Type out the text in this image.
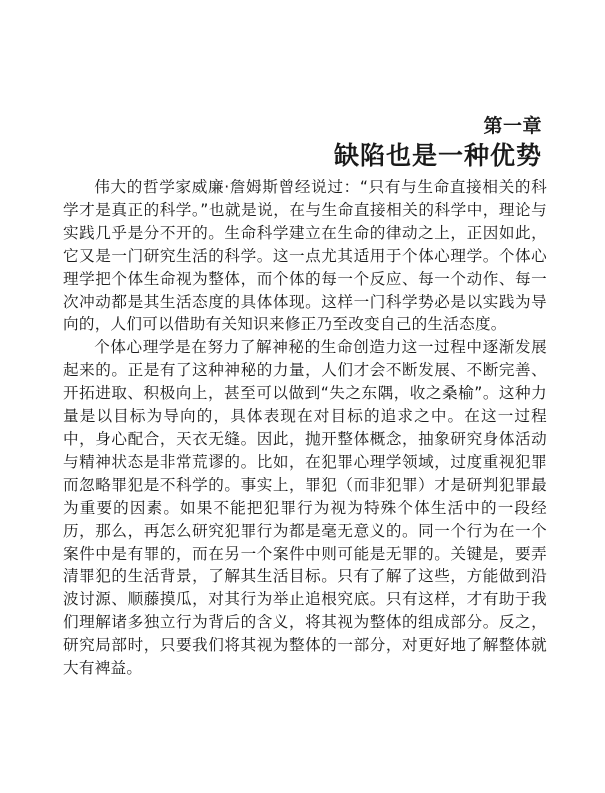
第一章
缺陷也是一种优势

伟大的哲学家威廉·詹姆斯曾经说过：“只有与生命直接相关的科学才是真正的科学。”也就是说，在与生命直接相关的科学中，理论与实践几乎是分不开的。生命科学建立在生命的律动之上，正因如此，它又是一门研究生活的科学。这一点尤其适用于个体心理学。个体心理学把个体生命视为整体，而个体的每一个反应、每一个动作、每一次冲动都是其生活态度的具体体现。这样一门科学势必是以实践为导向的，人们可以借助有关知识来修正乃至改变自己的生活态度。

个体心理学是在努力了解神秘的生命创造力这一过程中逐渐发展起来的。正是有了这种神秘的力量，人们才会不断发展、不断完善、开拓进取、积极向上，甚至可以做到“失之东隅，收之桑榆”。这种力量是以目标为导向的，具体表现在对目标的追求之中。在这一过程中，身心配合，天衣无缝。因此，抛开整体概念，抽象研究身体活动与精神状态是非常荒谬的。比如，在犯罪心理学领域，过度重视犯罪而忽略罪犯是不科学的。事实上，罪犯（而非犯罪）才是研判犯罪最为重要的因素。如果不能把犯罪行为视为特殊个体生活中的一段经历，那么，再怎么研究犯罪行为都是毫无意义的。同一个行为在一个案件中是有罪的，而在另一个案件中则可能是无罪的。关键是，要弄清罪犯的生活背景，了解其生活目标。只有了解了这些，方能做到沿波讨源、顺藤摸瓜，对其行为举止追根究底。只有这样，才有助于我们理解诸多独立行为背后的含义，将其视为整体的组成部分。反之，研究局部时，只要我们将其视为整体的一部分，对更好地了解整体就大有裨益。
